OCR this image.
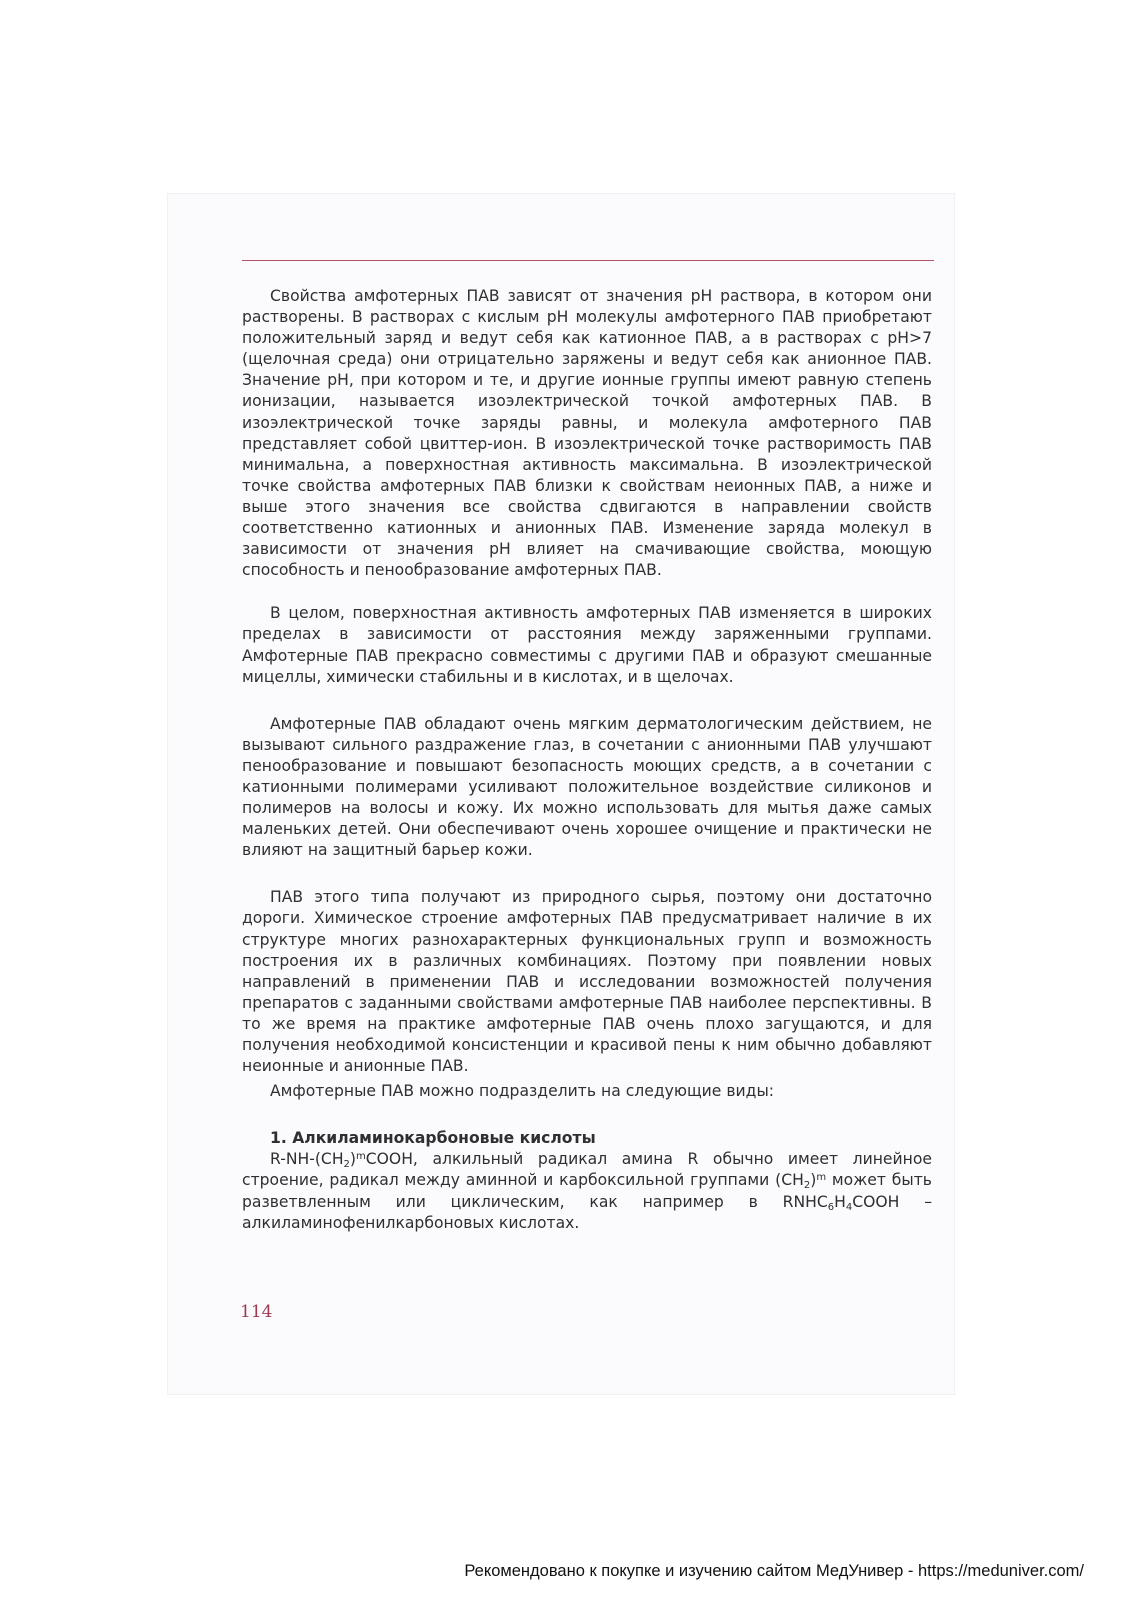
Свойства амфотерных ПАВ зависят от значения pH раствора, в котором они растворены. В растворах с кислым pH молекулы амфотерного ПАВ приобретают положительный заряд и ведут себя как катионное ПАВ, а в растворах с pH>7 (щелочная среда) они отрицательно заряжены и ведут себя как анионное ПАВ. Значение pH, при котором и те, и другие ионные группы имеют равную степень ионизации, называется изоэлектрической точкой амфотерных ПАВ. В изоэлектрической точке заряды равны, и молекула амфотерного ПАВ представляет собой цвиттер-ион. В изоэлектрической точке растворимость ПАВ минимальна, а поверхностная активность максимальна. В изоэлектрической точке свойства амфотерных ПАВ близки к свойствам неионных ПАВ, а ниже и выше этого значения все свойства сдвигаются в направлении свойств соответственно катионных и анионных ПАВ. Изменение заряда молекул в зависимости от значения pH влияет на смачивающие свойства, моющую способность и пенообразование амфотерных ПАВ.

В целом, поверхностная активность амфотерных ПАВ изменяется в широких пределах в зависимости от расстояния между заряженными группами. Амфотерные ПАВ прекрасно совместимы с другими ПАВ и образуют смешанные мицеллы, химически стабильны и в кислотах, и в щелочах.

Амфотерные ПАВ обладают очень мягким дерматологическим действием, не вызывают сильного раздражение глаз, в сочетании с анионными ПАВ улучшают пенообразование и повышают безопасность моющих средств, а в сочетании с катионными полимерами усиливают положительное воздействие силиконов и полимеров на волосы и кожу. Их можно использовать для мытья даже самых маленьких детей. Они обеспечивают очень хорошее очищение и практически не влияют на защитный барьер кожи.

ПАВ этого типа получают из природного сырья, поэтому они достаточно дороги. Химическое строение амфотерных ПАВ предусматривает наличие в их структуре многих разнохарактерных функциональных групп и возможность построения их в различных комбинациях. Поэтому при появлении новых направлений в применении ПАВ и исследовании возможностей получения препаратов с заданными свойствами амфотерные ПАВ наиболее перспективны. В то же время на практике амфотерные ПАВ очень плохо загущаются, и для получения необходимой консистенции и красивой пены к ним обычно добавляют неионные и анионные ПАВ.

Амфотерные ПАВ можно подразделить на следующие виды:

1. Алкиламинокарбоновые кислоты

$R-NH-(CH_2)^mCOOH$, алкильный радикал амина R обычно имеет линейное строение, радикал между аминной и карбоксильной группами $(CH_2)^m$ может быть разветвленным или циклическим, как например в $RNHC_6H_4COOH$ – алкиламинофенилкарбоновых кислотах.

114
Рекомендовано к покупке и изучению сайтом МедУнивер - https://meduniver.com/
